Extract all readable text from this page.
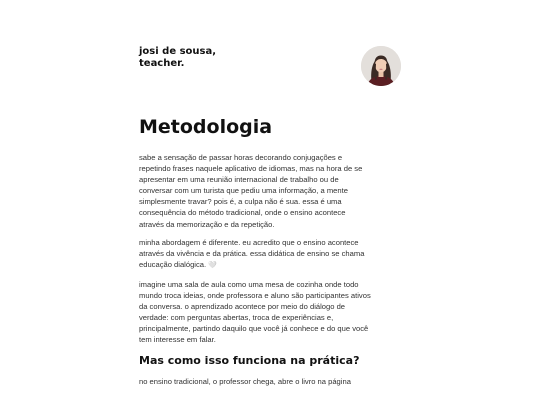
josi de sousa,
teacher.
Metodologia

sabe a sensação de passar horas decorando conjugações e repetindo frases naquele aplicativo de idiomas, mas na hora de se apresentar em uma reunião internacional de trabalho ou de conversar com um turista que pediu uma informação, a mente simplesmente travar? pois é, a culpa não é sua. essa é uma consequência do método tradicional, onde o ensino acontece através da memorização e da repetição.

minha abordagem é diferente. eu acredito que o ensino acontece através da vivência e da prática. essa didática de ensino se chama educação dialógica. 🤍

imagine uma sala de aula como uma mesa de cozinha onde todo mundo troca ideias, onde professora e aluno são participantes ativos da conversa. o aprendizado acontece por meio do diálogo de verdade: com perguntas abertas, troca de experiências e, principalmente, partindo daquilo que você já conhece e do que você tem interesse em falar.

Mas como isso funciona na prática?

no ensino tradicional, o professor chega, abre o livro na página
